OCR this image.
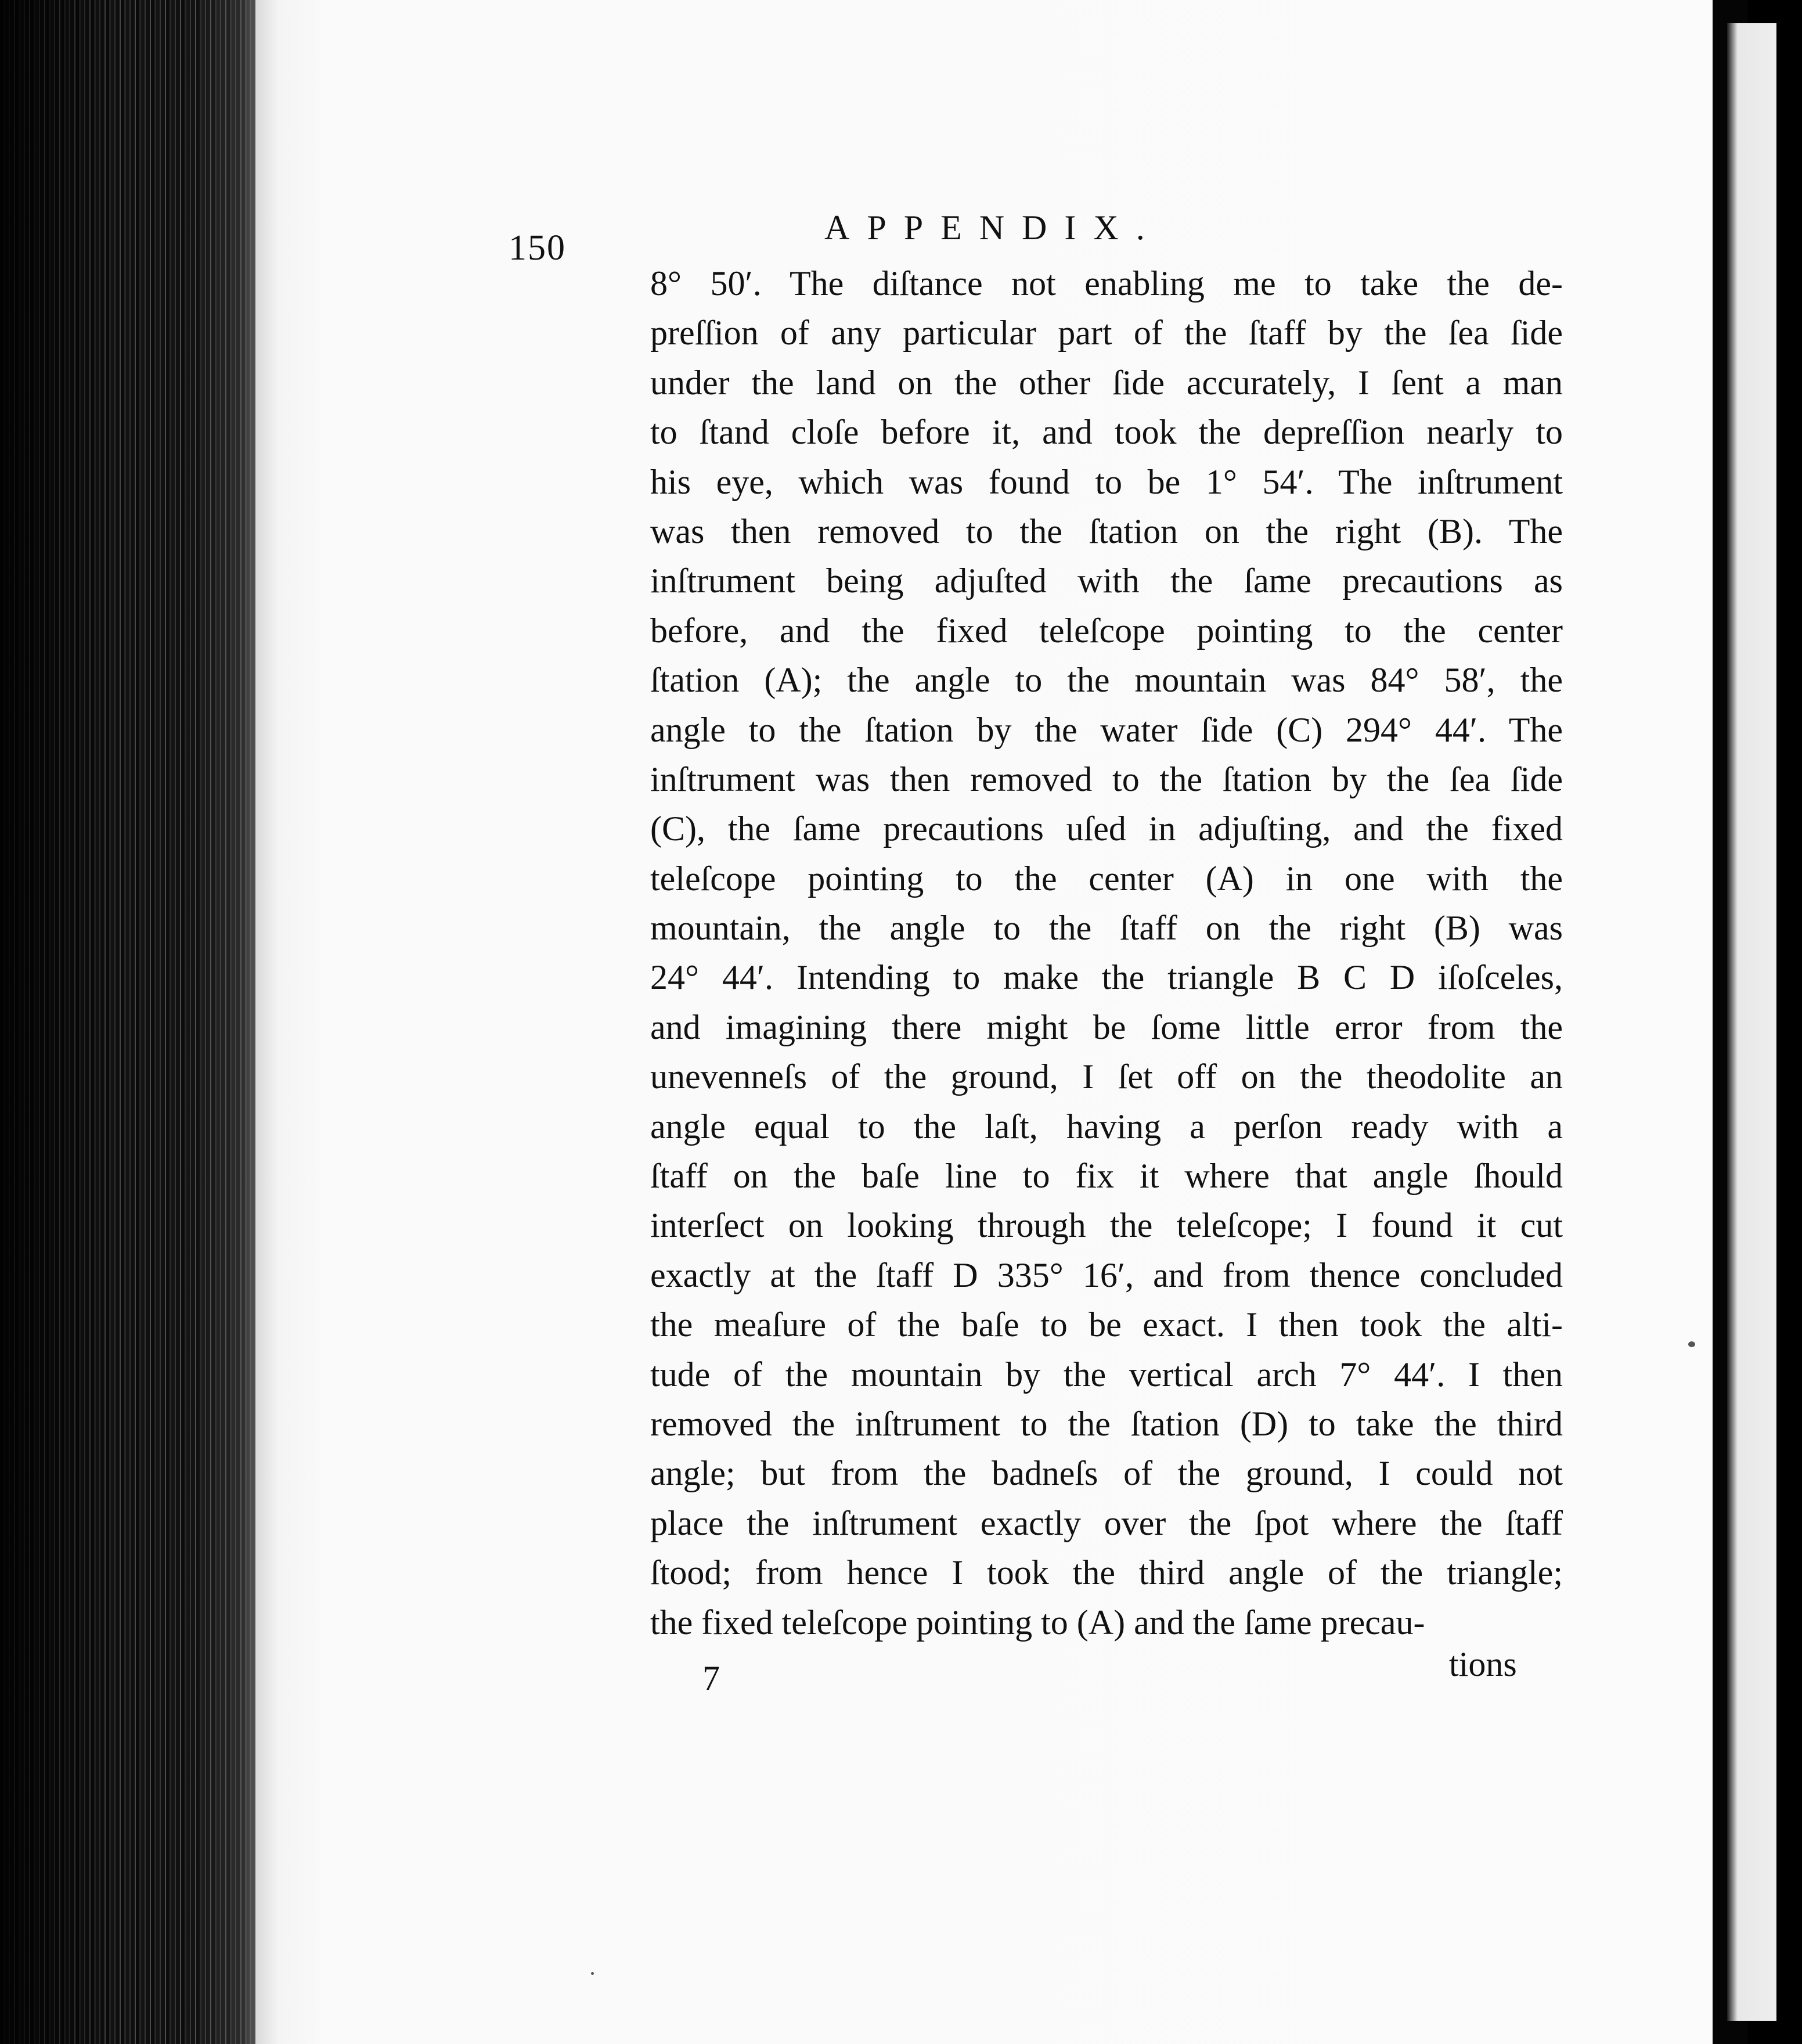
150
APPENDIX.
8° 50′. The diſtance not enabling me to take the de-
preſſion of any particular part of the ſtaff by the ſea ſide
under the land on the other ſide accurately, I ſent a man
to ſtand cloſe before it, and took the depreſſion nearly to
his eye, which was found to be 1° 54′. The inſtrument
was then removed to the ſtation on the right (B). The
inſtrument being adjuſted with the ſame precautions as
before, and the fixed teleſcope pointing to the center
ſtation (A); the angle to the mountain was 84° 58′, the
angle to the ſtation by the water ſide (C) 294° 44′. The
inſtrument was then removed to the ſtation by the ſea ſide
(C), the ſame precautions uſed in adjuſting, and the fixed
teleſcope pointing to the center (A) in one with the
mountain, the angle to the ſtaff on the right (B) was
24° 44′. Intending to make the triangle B C D iſoſceles,
and imagining there might be ſome little error from the
unevenneſs of the ground, I ſet off on the theodolite an
angle equal to the laſt, having a perſon ready with a
ſtaff on the baſe line to fix it where that angle ſhould
interſect on looking through the teleſcope; I found it cut
exactly at the ſtaff D 335° 16′, and from thence concluded
the meaſure of the baſe to be exact. I then took the alti-
tude of the mountain by the vertical arch 7° 44′. I then
removed the inſtrument to the ſtation (D) to take the third
angle; but from the badneſs of the ground, I could not
place the inſtrument exactly over the ſpot where the ſtaff
ſtood; from hence I took the third angle of the triangle;
the fixed teleſcope pointing to (A) and the ſame precau-
7	tions
